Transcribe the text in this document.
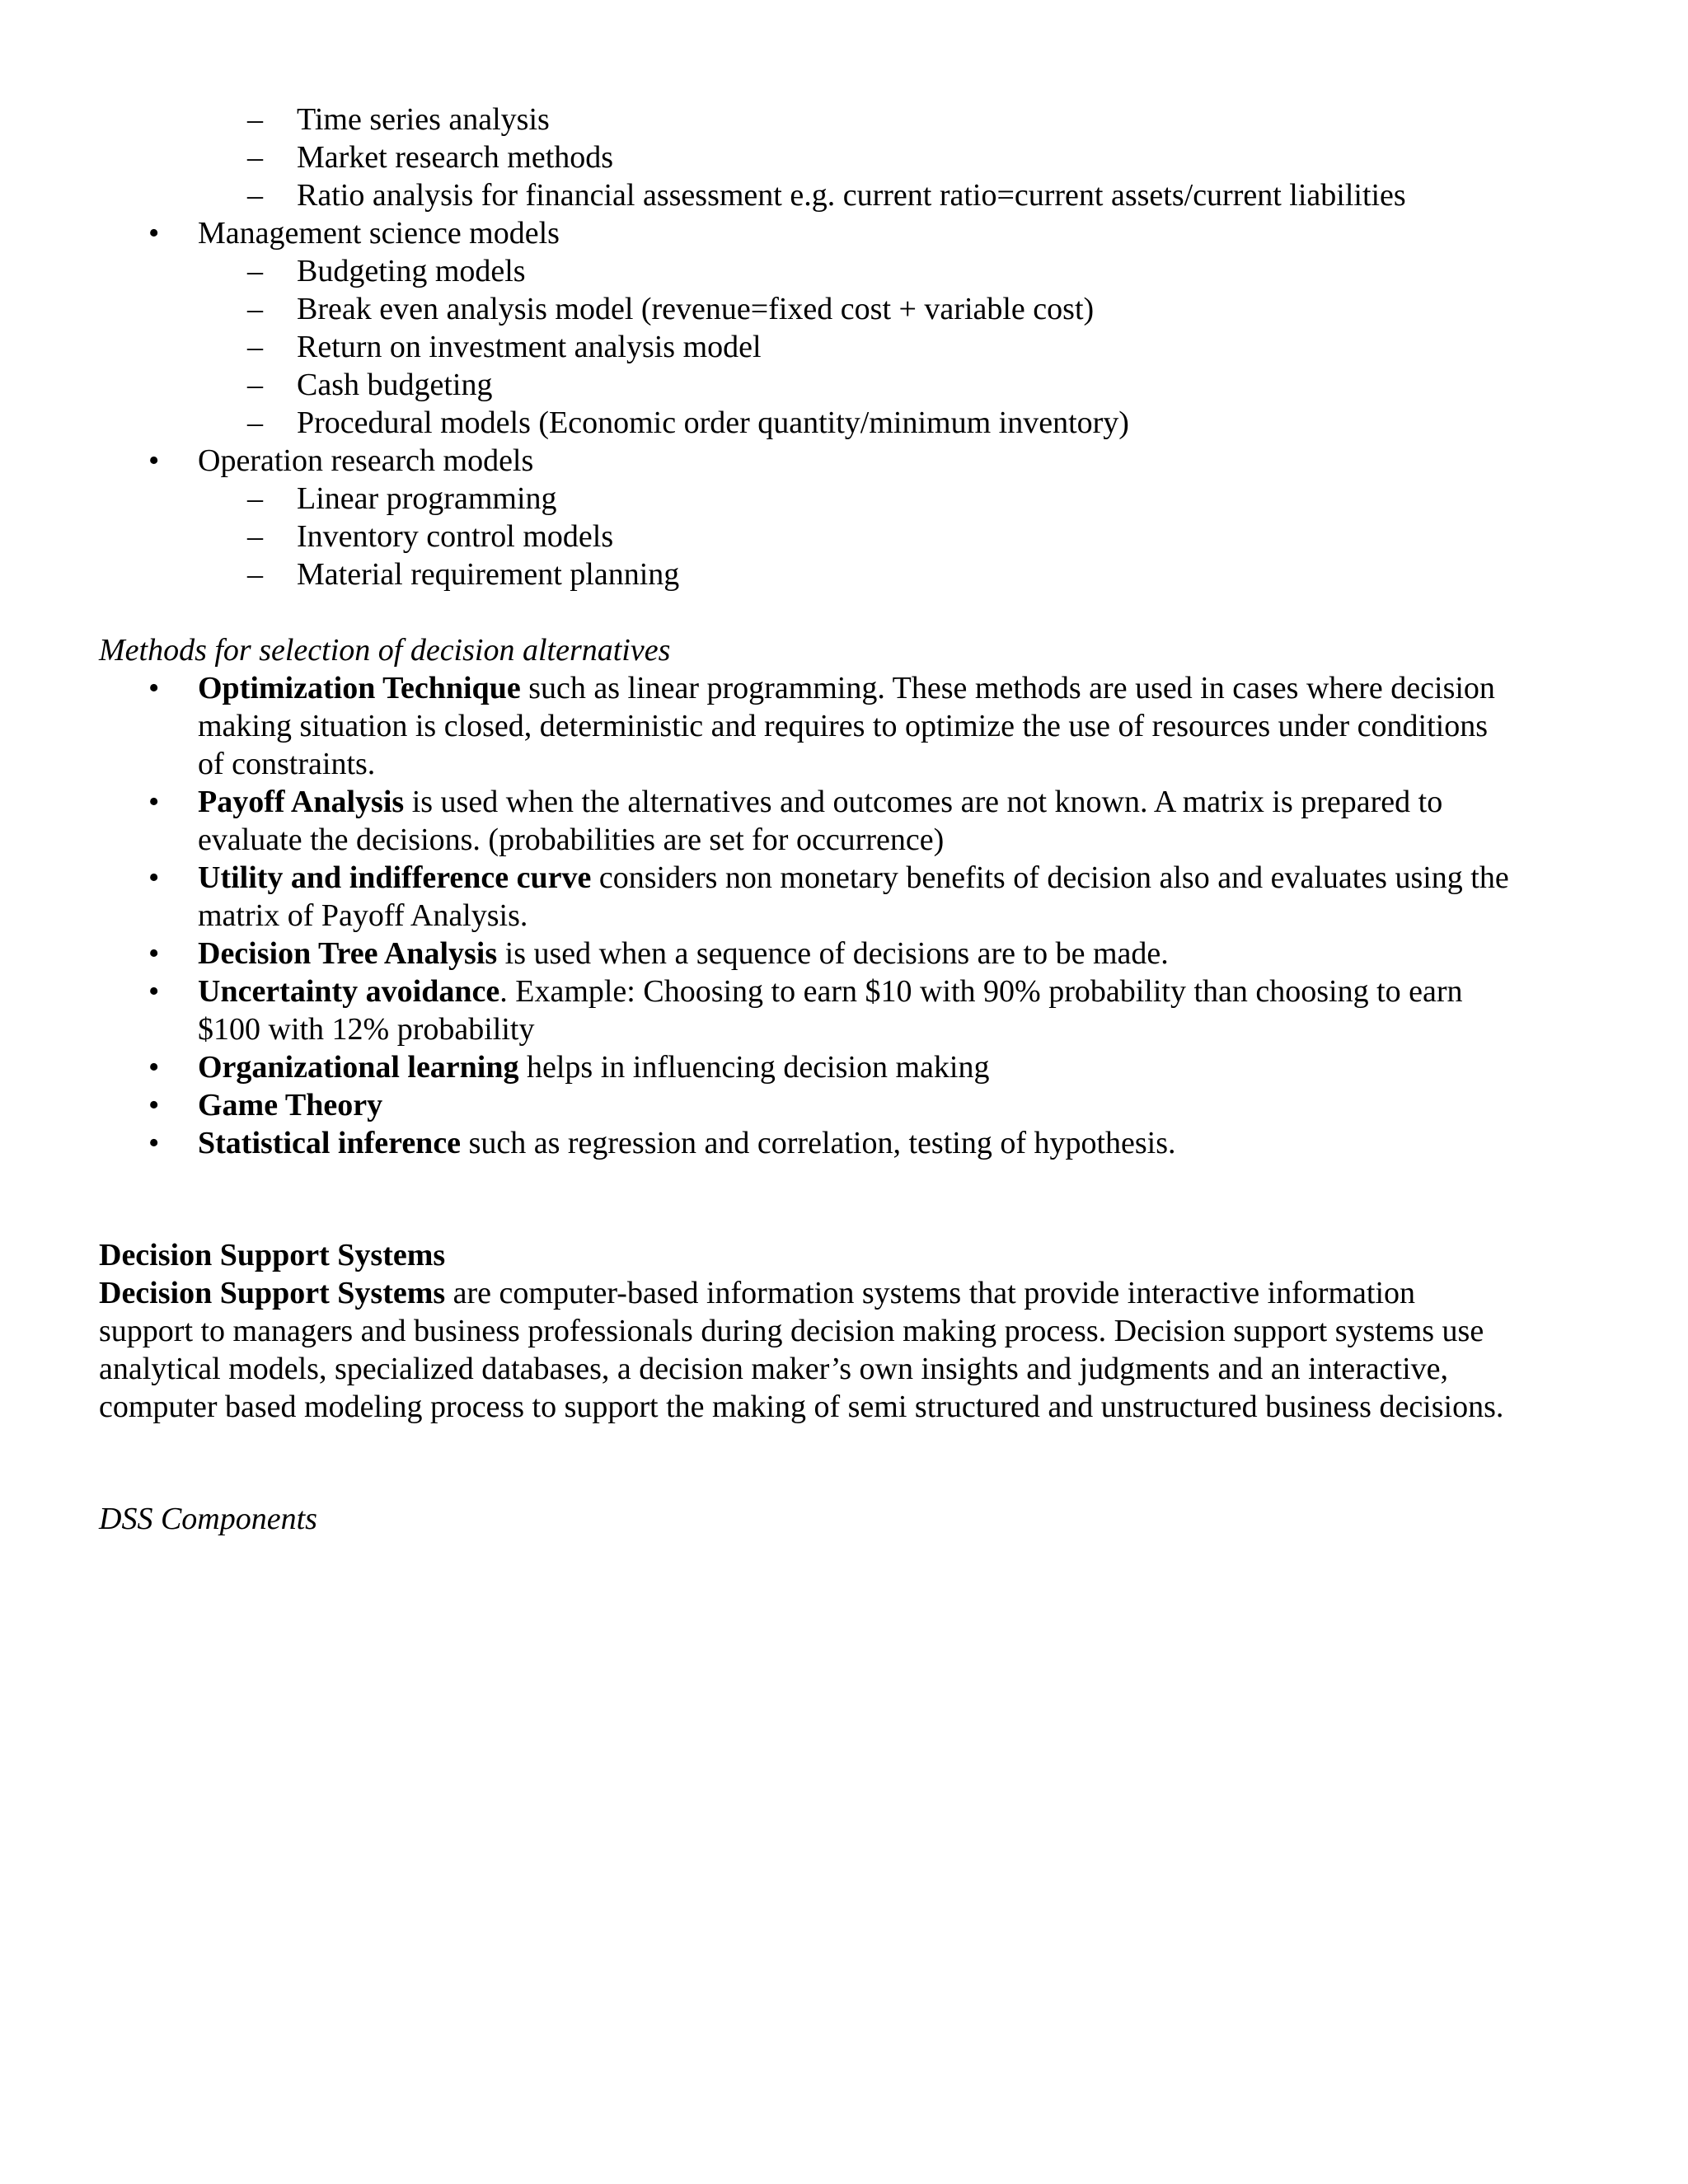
– Time series analysis
– Market research methods
– Ratio analysis for financial assessment e.g. current ratio=current assets/current liabilities
• Management science models
– Budgeting models
– Break even analysis model (revenue=fixed cost + variable cost)
– Return on investment analysis model
– Cash budgeting
– Procedural models (Economic order quantity/minimum inventory)
• Operation research models
– Linear programming
– Inventory control models
– Material requirement planning
Methods for selection of decision alternatives
• Optimization Technique such as linear programming. These methods are used in cases where decision
making situation is closed, deterministic and requires to optimize the use of resources under conditions
of constraints.
• Payoff Analysis is used when the alternatives and outcomes are not known. A matrix is prepared to
evaluate the decisions. (probabilities are set for occurrence)
• Utility and indifference curve considers non monetary benefits of decision also and evaluates using the
matrix of Payoff Analysis.
• Decision Tree Analysis is used when a sequence of decisions are to be made.
• Uncertainty avoidance. Example: Choosing to earn $10 with 90% probability than choosing to earn
$100 with 12% probability
• Organizational learning helps in influencing decision making
• Game Theory
• Statistical inference such as regression and correlation, testing of hypothesis.
Decision Support Systems
Decision Support Systems are computer-based information systems that provide interactive information
support to managers and business professionals during decision making process. Decision support systems use
analytical models, specialized databases, a decision maker’s own insights and judgments and an interactive,
computer based modeling process to support the making of semi structured and unstructured business decisions.
DSS Components
